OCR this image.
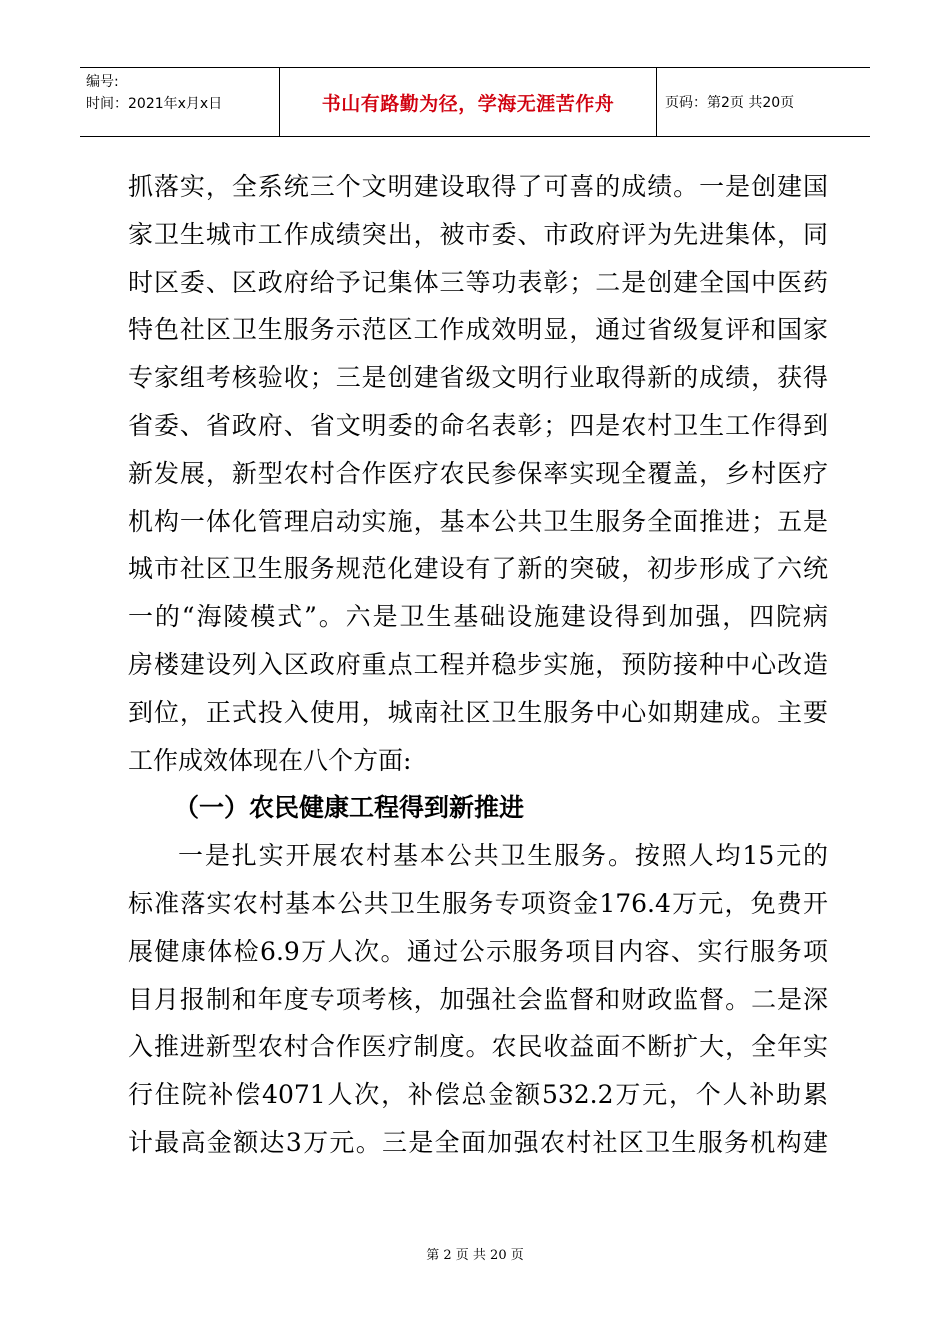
编号:
时间：2021年x月x日	书山有路勤为径，学海无涯苦作舟	页码：第2页 共20页
抓落实，全系统三个文明建设取得了可喜的成绩。一是创建国
家卫生城市工作成绩突出，被市委、市政府评为先进集体，同
时区委、区政府给予记集体三等功表彰；二是创建全国中医药
特色社区卫生服务示范区工作成效明显，通过省级复评和国家
专家组考核验收；三是创建省级文明行业取得新的成绩，获得
省委、省政府、省文明委的命名表彰；四是农村卫生工作得到
新发展，新型农村合作医疗农民参保率实现全覆盖，乡村医疗
机构一体化管理启动实施，基本公共卫生服务全面推进；五是
城市社区卫生服务规范化建设有了新的突破，初步形成了六统
一的“海陵模式”。六是卫生基础设施建设得到加强，四院病
房楼建设列入区政府重点工程并稳步实施，预防接种中心改造
到位，正式投入使用，城南社区卫生服务中心如期建成。主要
工作成效体现在八个方面:
（一）农民健康工程得到新推进
一是扎实开展农村基本公共卫生服务。按照人均15元的
标准落实农村基本公共卫生服务专项资金176.4万元，免费开
展健康体检6.9万人次。通过公示服务项目内容、实行服务项
目月报制和年度专项考核，加强社会监督和财政监督。二是深
入推进新型农村合作医疗制度。农民收益面不断扩大，全年实
行住院补偿4071人次，补偿总金额532.2万元，个人补助累
计最高金额达3万元。三是全面加强农村社区卫生服务机构建
第 2 页 共 20 页
